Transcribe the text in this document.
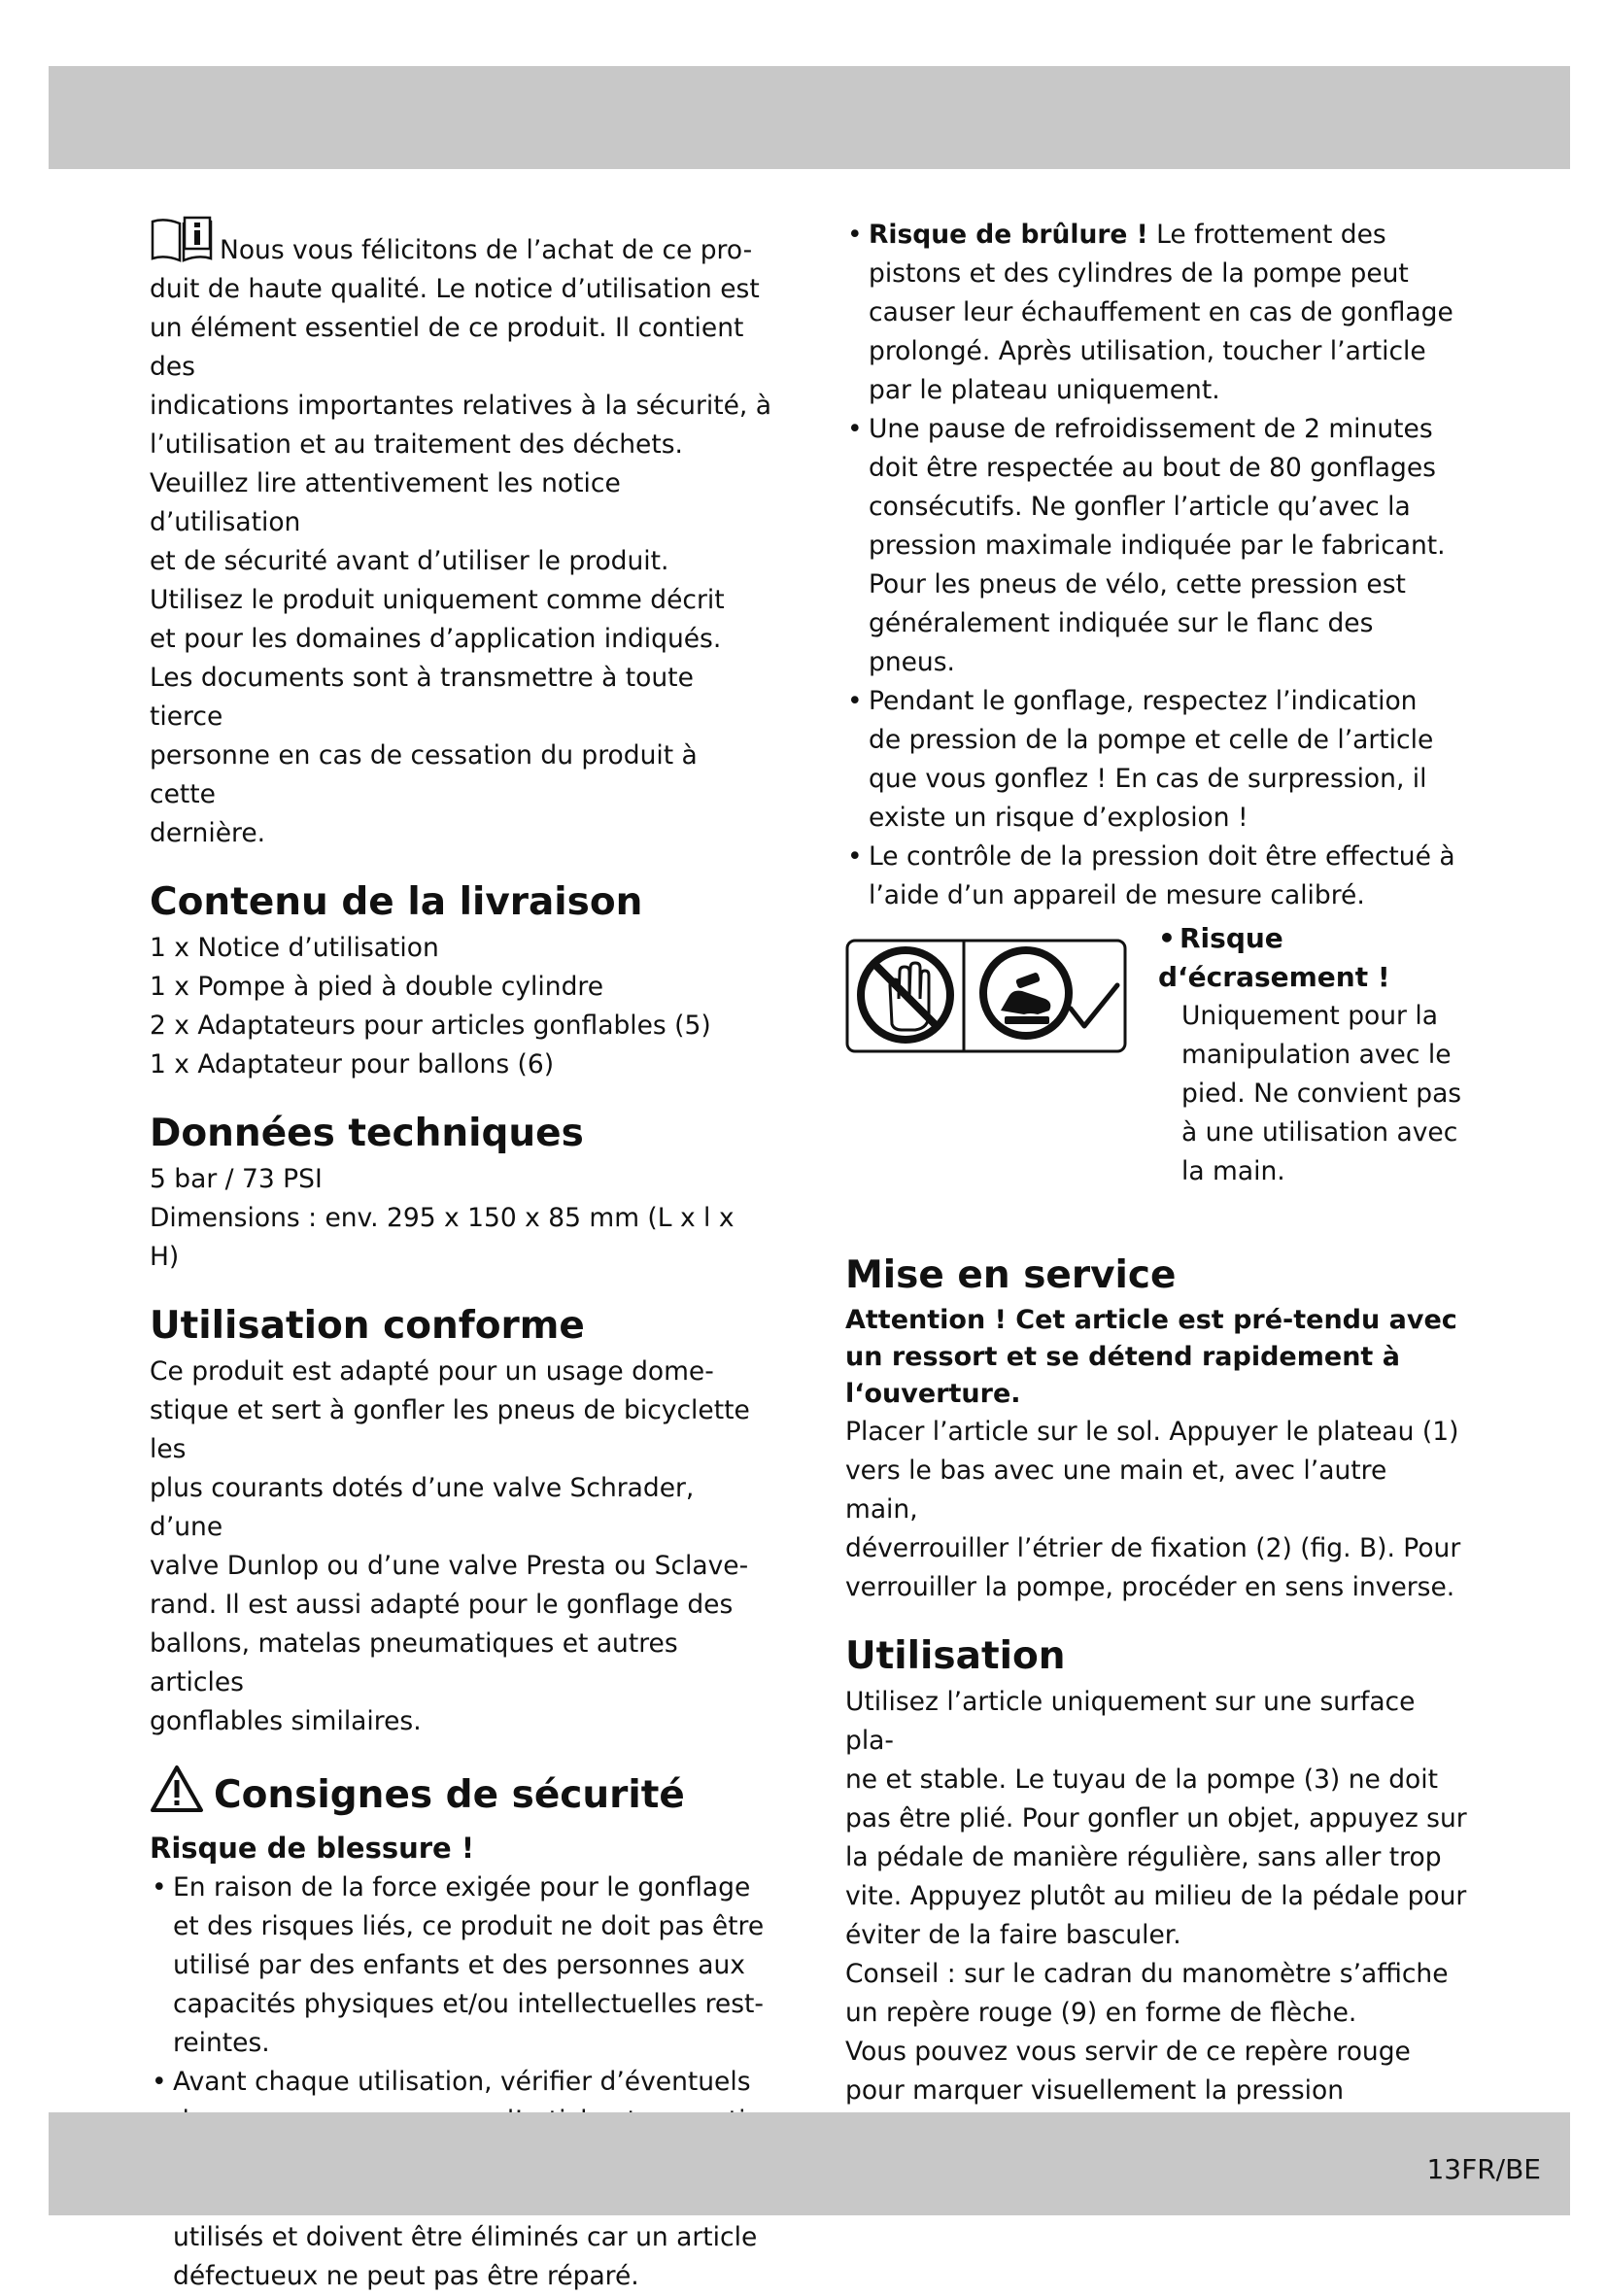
Nous vous félicitons de l’achat de ce pro-

duit de haute qualité. Le notice d’utilisation est

un élément essentiel de ce produit. Il contient des

indications importantes relatives à la sécurité, à

l’utilisation et au traitement des déchets.

Veuillez lire attentivement les notice d’utilisation

et de sécurité avant d’utiliser le produit.

Utilisez le produit uniquement comme décrit

et pour les domaines d’application indiqués.

Les documents sont à transmettre à toute tierce

personne en cas de cessation du produit à cette

dernière.

Contenu de la livraison

1 x Notice d’utilisation

1 x Pompe à pied à double cylindre

2 x Adaptateurs pour articles gonflables (5)

1 x Adaptateur pour ballons (6)

Données techniques

5 bar / 73 PSI

Dimensions : env. 295 x 150 x 85 mm (L x l x H)

Utilisation conforme

Ce produit est adapté pour un usage dome-

stique et sert à gonfler les pneus de bicyclette les

plus courants dotés d’une valve Schrader, d’une

valve Dunlop ou d’une valve Presta ou Sclave-

rand. Il est aussi adapté pour le gonflage des

ballons, matelas pneumatiques et autres articles

gonflables similaires.

Consignes de sécurité
Risque de blessure !
• En raison de la force exigée pour le gonflage
et des risques liés, ce produit ne doit pas être
utilisé par des enfants et des personnes aux
capacités physiques et/ou intellectuelles rest-
reintes.
• Avant chaque utilisation, vérifier d’éventuels

utilisés et doivent être éliminés car un article
défectueux ne peut pas être réparé.
• Risque de brûlure ! Le frottement des
pistons et des cylindres de la pompe peut
causer leur échauffement en cas de gonflage
prolongé. Après utilisation, toucher l’article
par le plateau uniquement.
• Une pause de refroidissement de 2 minutes
doit être respectée au bout de 80 gonflages
consécutifs. Ne gonfler l’article qu’avec la
pression maximale indiquée par le fabricant.
Pour les pneus de vélo, cette pression est
généralement indiquée sur le flanc des pneus.
• Pendant le gonflage, respectez l’indication
de pression de la pompe et celle de l’article
que vous gonflez ! En cas de surpression, il
existe un risque d’explosion !
• Le contrôle de la pression doit être effectué à
l’aide d’un appareil de mesure calibré.
• Risque
d‘écrasement !

Uniquement pour la

manipulation avec le

pied. Ne convient pas

à une utilisation avec

la main.

Mise en service
Attention ! Cet article est pré-tendu avec
un ressort et se détend rapidement à
l‘ouverture.

Placer l’article sur le sol. Appuyer le plateau (1)

vers le bas avec une main et, avec l’autre main,

déverrouiller l’étrier de fixation (2) (fig. B). Pour

verrouiller la pompe, procéder en sens inverse.

Utilisation

Utilisez l’article uniquement sur une surface pla-

ne et stable. Le tuyau de la pompe (3) ne doit

pas être plié. Pour gonfler un objet, appuyez sur

la pédale de manière régulière, sans aller trop

vite. Appuyez plutôt au milieu de la pédale pour

éviter de la faire basculer.

Conseil : sur le cadran du manomètre s’affiche

un repère rouge (9) en forme de flèche.

Vous pouvez vous servir de ce repère rouge

pour marquer visuellement la pression

13FR/BE
